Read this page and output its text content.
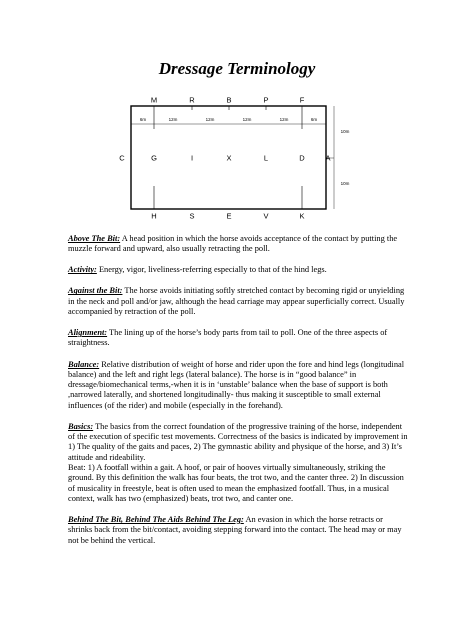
Dressage Terminology
M	R	B	P	F
6m	12m	12m	12m	12m	6m
10m
10m
C	G	I	X	L	D	A
H	S	E	V	K

Above The Bit: A head position in which the horse avoids acceptance of the contact by putting the muzzle forward and upward, also usually retracting the poll.

Activity: Energy, vigor, liveliness-referring especially to that of the hind legs.

Against the Bit: The horse avoids initiating softly stretched contact by becoming rigid or unyielding in the neck and poll and/or jaw, although the head carriage may appear superficially correct. Usually accompanied by retraction of the poll.

Alignment: The lining up of the horse’s body parts from tail to poll. One of the three aspects of straightness.

Balance: Relative distribution of weight of horse and rider upon the fore and hind legs (longitudinal balance) and the left and right legs (lateral balance). The horse is in “good balance” in dressage/biomechanical terms,-when it is in ‘unstable’ balance when the base of support is both ,narrowed laterally, and shortened longitudinally- thus making it susceptible to small external influences (of the rider) and mobile (especially in the forehand).

Basics: The basics from the correct foundation of the progressive training of the horse, independent of the execution of specific test movements. Correctness of the basics is indicated by improvement in 1) The quality of the gaits and paces, 2) The gymnastic ability and physique of the horse, and 3) It’s attitude and rideability.
Beat: 1) A footfall within a gait. A hoof, or pair of hooves virtually simultaneously, striking the ground. By this definition the walk has four beats, the trot two, and the canter three. 2) In discussion of musicality in freestyle, beat is often used to mean the emphasized footfall. Thus, in a musical context, walk has two (emphasized) beats, trot two, and canter one.

Behind The Bit, Behind The Aids Behind The Leg: An evasion in which the horse retracts or shrinks back from the bit/contact, avoiding stepping forward into the contact. The head may or may not be behind the vertical.
